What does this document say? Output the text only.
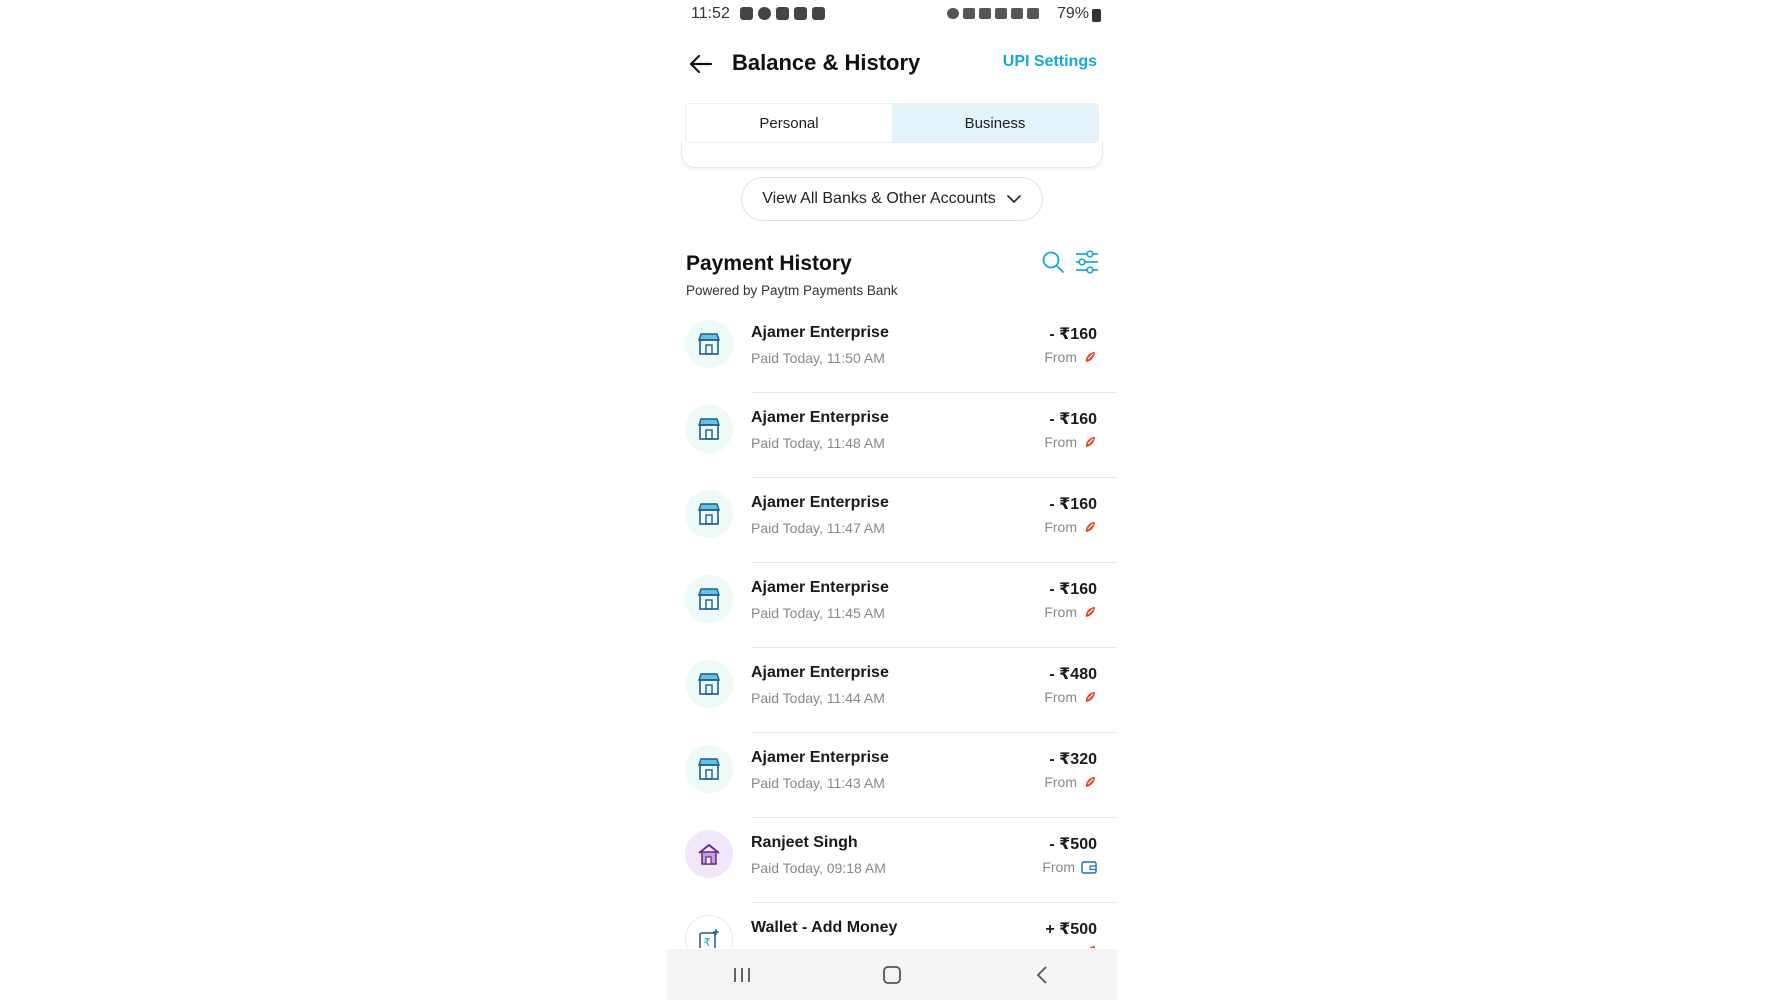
11:52	79%
Balance & History	UPI Settings
Personal	Business
View All Banks & Other Accounts
Payment History
Powered by Paytm Payments Bank
Ajamer Enterprise
Paid Today, 11:50 AM
- ₹160
From
Ajamer Enterprise
Paid Today, 11:48 AM
- ₹160
From
Ajamer Enterprise
Paid Today, 11:47 AM
- ₹160
From
Ajamer Enterprise
Paid Today, 11:45 AM
- ₹160
From
Ajamer Enterprise
Paid Today, 11:44 AM
- ₹480
From
Ajamer Enterprise
Paid Today, 11:43 AM
- ₹320
From
Ranjeet Singh
Paid Today, 09:18 AM
- ₹500
From
₹
Wallet - Add Money	+ ₹500
